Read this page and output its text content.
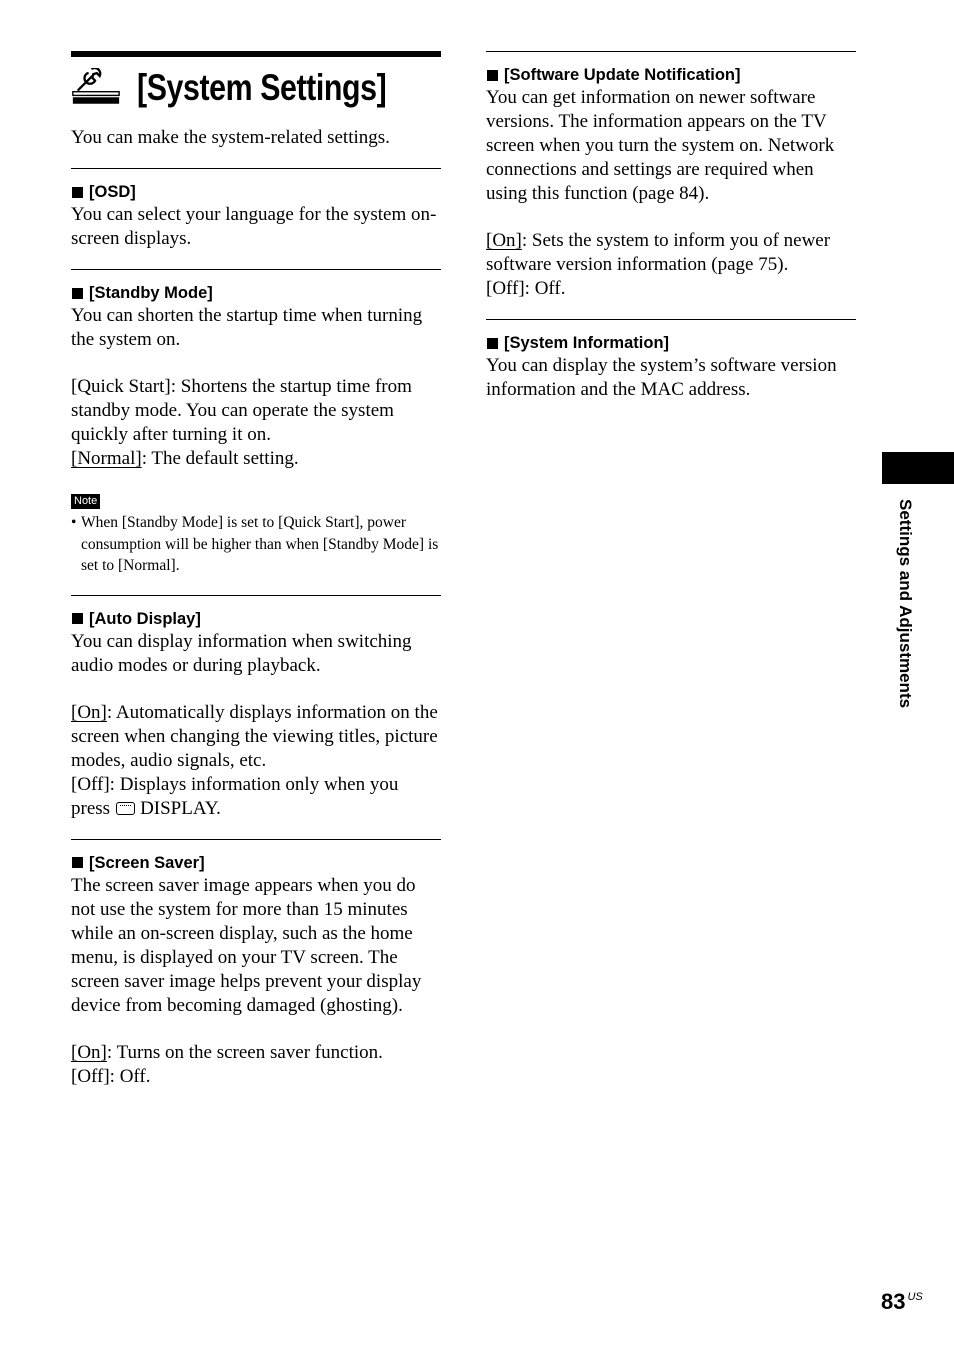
[System Settings]
You can make the system-related settings.
[OSD]
You can select your language for the system on-screen displays.
[Standby Mode]
You can shorten the startup time when turning the system on.
[Quick Start]: Shortens the startup time from standby mode. You can operate the system quickly after turning it on.
[Normal]: The default setting.
Note
• When [Standby Mode] is set to [Quick Start], power consumption will be higher than when [Standby Mode] is set to [Normal].
[Auto Display]
You can display information when switching audio modes or during playback.
[On]: Automatically displays information on the screen when changing the viewing titles, picture modes, audio signals, etc.
[Off]: Displays information only when you press DISPLAY.
[Screen Saver]
The screen saver image appears when you do not use the system for more than 15 minutes while an on-screen display, such as the home menu, is displayed on your TV screen. The screen saver image helps prevent your display device from becoming damaged (ghosting).
[On]: Turns on the screen saver function.
[Off]: Off.
[Software Update Notification]
You can get information on newer software versions. The information appears on the TV screen when you turn the system on. Network connections and settings are required when using this function (page 84).
[On]: Sets the system to inform you of newer software version information (page 75).
[Off]: Off.
[System Information]
You can display the system’s software version information and the MAC address.
Settings and Adjustments
83 $^{US}$
